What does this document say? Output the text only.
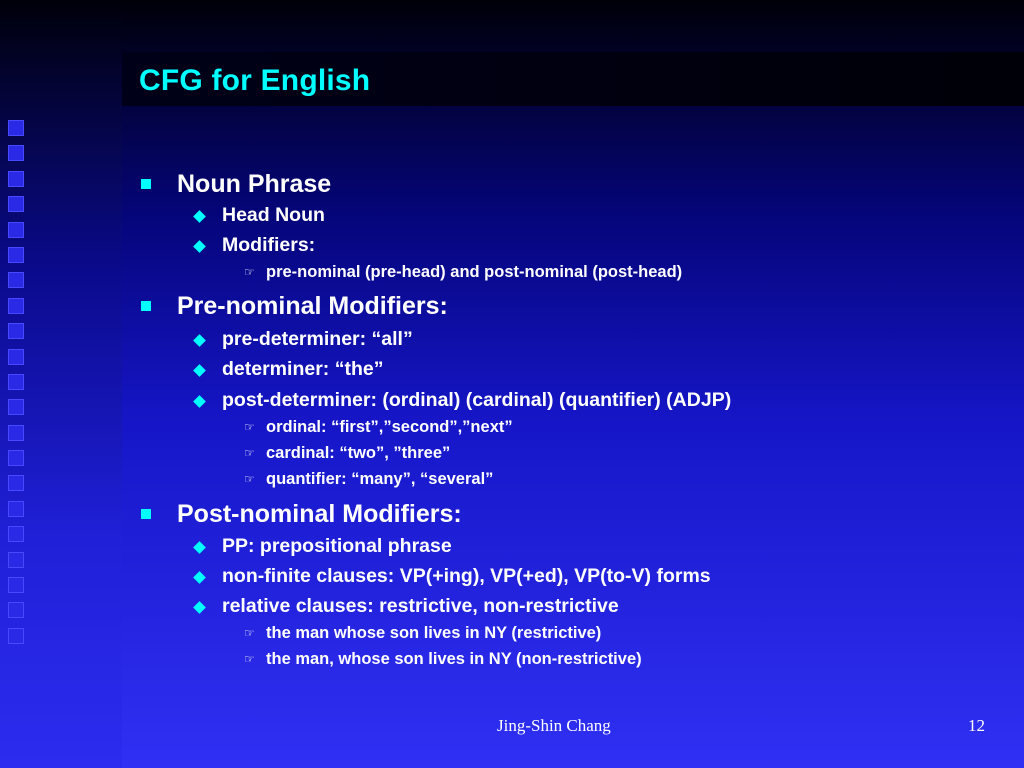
CFG for English
Noun Phrase
Head Noun
Modifiers:
☞ pre-nominal (pre-head) and post-nominal (post-head)
Pre-nominal Modifiers:
pre-determiner: “all”
determiner: “the”
post-determiner: (ordinal) (cardinal) (quantifier) (ADJP)
☞ ordinal: “first”,”second”,”next”
☞ cardinal: “two”, ”three”
☞ quantifier: “many”, “several”
Post-nominal Modifiers:
PP: prepositional phrase
non-finite clauses: VP(+ing), VP(+ed), VP(to-V) forms
relative clauses: restrictive, non-restrictive
☞ the man whose son lives in NY (restrictive)
☞ the man, whose son lives in NY (non-restrictive)
Jing-Shin Chang	12
